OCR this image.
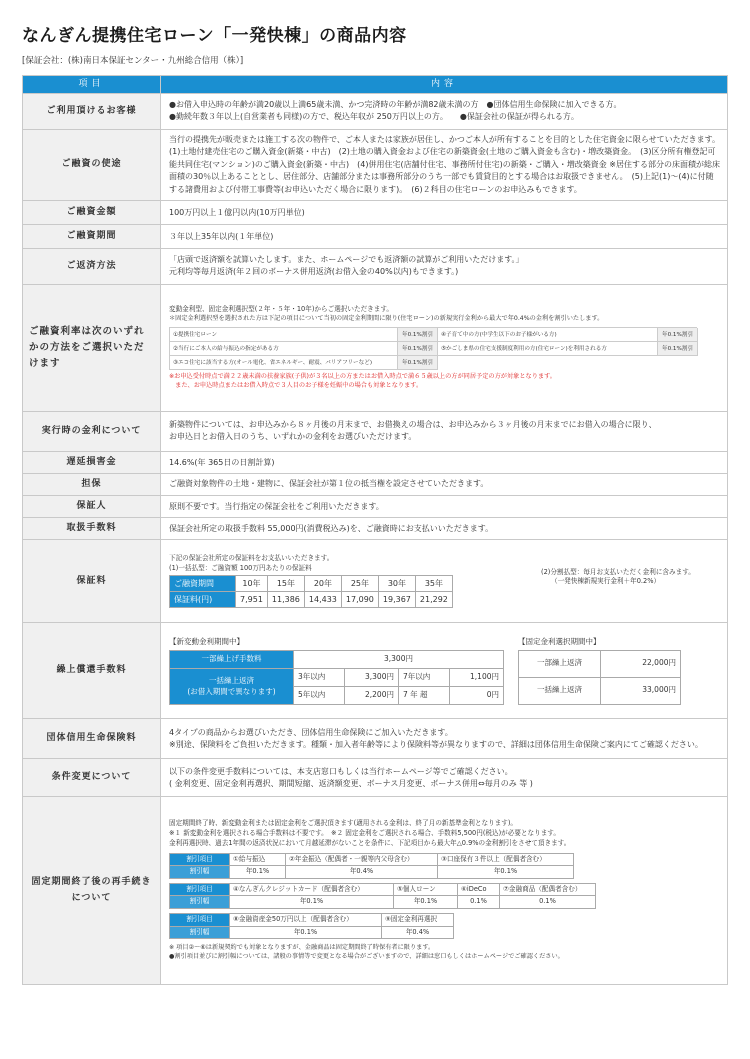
なんぎん提携住宅ローン「一発快棟」の商品内容
[保証会社：(株)南日本保証センター・九州総合信用（株）]
項目	内容
ご利用頂けるお客様	
●お借入申込時の年齢が満20歳以上満65歳未満、かつ完済時の年齢が満82歳未満の方　 ●団体信用生命保険に加入できる方。
●勤続年数３年以上(自営業者も同様)の方で、税込年収が 250万円以上の方。　　 ●保証会社の保証が得られる方。

ご融資の使途	当行の提携先が販売または施工する次の物件で、ご本人または家族が居住し、かつご本人が所有することを目的とした住宅資金に限らせていただきます。　(1)土地付建売住宅のご購入資金(新築・中古)　(2)土地の購入資金および住宅の新築資金(土地のご購入資金も含む)・増改築資金。　(3)区分所有権登記可能共同住宅(マンション)のご購入資金(新築・中古)　(4)併用住宅(店舗付住宅、事務所付住宅)の新築・ご購入・増改築資金 ※居住する部分の床面積が総床面積の30％以上あることとし、居住部分、店舗部分または事務所部分のうち一部でも賃貸目的とする場合はお取扱できません。　(5)上記(1)～(4)に付随する諸費用および付帯工事費等(お申込いただく場合に限ります)。　(6)２科目の住宅ローンのお申込みもできます。
ご融資金額	100万円以上１億円以内(10万円単位)
ご融資期間	３年以上35年以内(１年単位)
ご返済方法	
「店頭で返済額を試算いたします。また、ホームページでも返済額の試算がご利用いただけます。」
元利均等毎月返済(年２回のボーナス併用返済(お借入金の40%以内)もできます。)

ご融資利率は次のいずれかの方法をご選択いただけます	
変動金利型、固定金利選択型(２年・５年・10年)からご選択いただきます。
＊固定金利選択型を選択された方は下記の項目について当初の固定金利期間に限り(住宅ローン)の新規実行金利から最大で年0.4%の金利を割引いたします。
①提携住宅ローン	年0.1%割引	④子育て中の方(中学生以下のお子様がいる方)	年0.1%割引
②当行にご本人の給与振込の指定がある方	年0.1%割引	⑤かごしま県の住宅支援制度利用の方(住宅ローン)を利用される方	年0.1%割引
③エコ住宅に該当する方(オール電化、省エネルギー、耐震、バリアフリーなど)	年0.1%割引
※お申込受付時点で満２２歳未満の扶養家族(子供)が３名以上の方またはお借入時点で満６５歳以上の方が同居予定の方が対象となります。
　また、お申込時点またはお借入時点で３人目のお子様を妊娠中の場合も対象となります。

実行時の金利について	
新築物件については、お申込みから８ヶ月後の月末まで、お借換えの場合は、お申込みから３ヶ月後の月末までにお借入の場合に限り、
お申込日とお借入日のうち、いずれかの金利をお選びいただけます。

遅延損害金	14.6%(年 365日の日割計算)
担保	ご融資対象物件の土地・建物に、保証会社が第１位の抵当権を設定させていただきます。
保証人	原則不要です。当行指定の保証会社をご利用いただきます。
取扱手数料	保証会社所定の取扱手数料 55,000円(消費税込み)を、ご融資時にお支払いいただきます。
保証料	
下記の保証会社所定の保証料をお支払いいただきます。
(1)一括払型：ご融資額 100万円あたりの保証料
ご融資期間	10年	15年	20年	25年	30年	35年
保証料(円)	7,951	11,386	14,433	17,090	19,367	21,292
(2)分割払型：毎月お支払いただく金利に含みます。
（一発快棟新規実行金利＋年0.2%）

繰上償還手数料	
【新変動金利期間中】
一部繰上げ手数料	3,300円
一括繰上返済
(お借入期間で異なります)	3年以内	3,300円	7年以内	1,100円
5年以内	2,200円	7 年 超	0円
【固定金利選択期間中】
一部繰上返済	22,000円
一括繰上返済	33,000円

団体信用生命保険料	
4タイプの商品からお選びいただき、団体信用生命保険にご加入いただきます。
※別途、保険料をご負担いただきます。種類・加入者年齢等により保険料等が異なりますので、詳細は団体信用生命保険ご案内にてご確認ください。

条件変更について	
以下の条件変更手数料については、本支店窓口もしくは当行ホームページ等でご確認ください。
( 金利変更、固定金利再選択、期間短縮、返済額変更、ボーナス月変更、ボーナス併用⇔毎月のみ 等 )

固定期間終了後の再手続きについて	
固定期間終了時、新変動金利または固定金利をご選択頂きます(適用される金利は、終了月の新基準金利となります)。
※１ 新変動金利を選択される場合手数料は不要です。　※２ 固定金利をご選択される場合、手数料5,500円(税込)が必要となります。
金利再選択時、過去1年間の返済状況において月越延滞がないことを条件に、下記項目から最大年△0.9%の金利割引をさせて頂きます。
割引項目	①給与振込	②年金振込（配偶者・一親等内父母含む）	③口座保有３件以上（配偶者含む）
割引幅	年0.1%	年0.4%	年0.1%
割引項目	④なんぎんクレジットカード（配偶者含む）	⑤個人ローン	⑥iDeCo	⑦金融商品（配偶者含む）
割引幅	年0.1%	年0.1%	0.1%	0.1%
割引項目	⑧金融資産金50万円以上（配偶者含む）	⑨固定金利再選択
割引幅	年0.1%	年0.4%
※ 項目②〜⑥は新規契約でも対象となりますが、金融商品は固定期間終了時保有者に限ります。
●割引項目並びに割引幅については、諸般の事情等で変更となる場合がございますので、詳細は窓口もしくはホームページでご確認ください。
